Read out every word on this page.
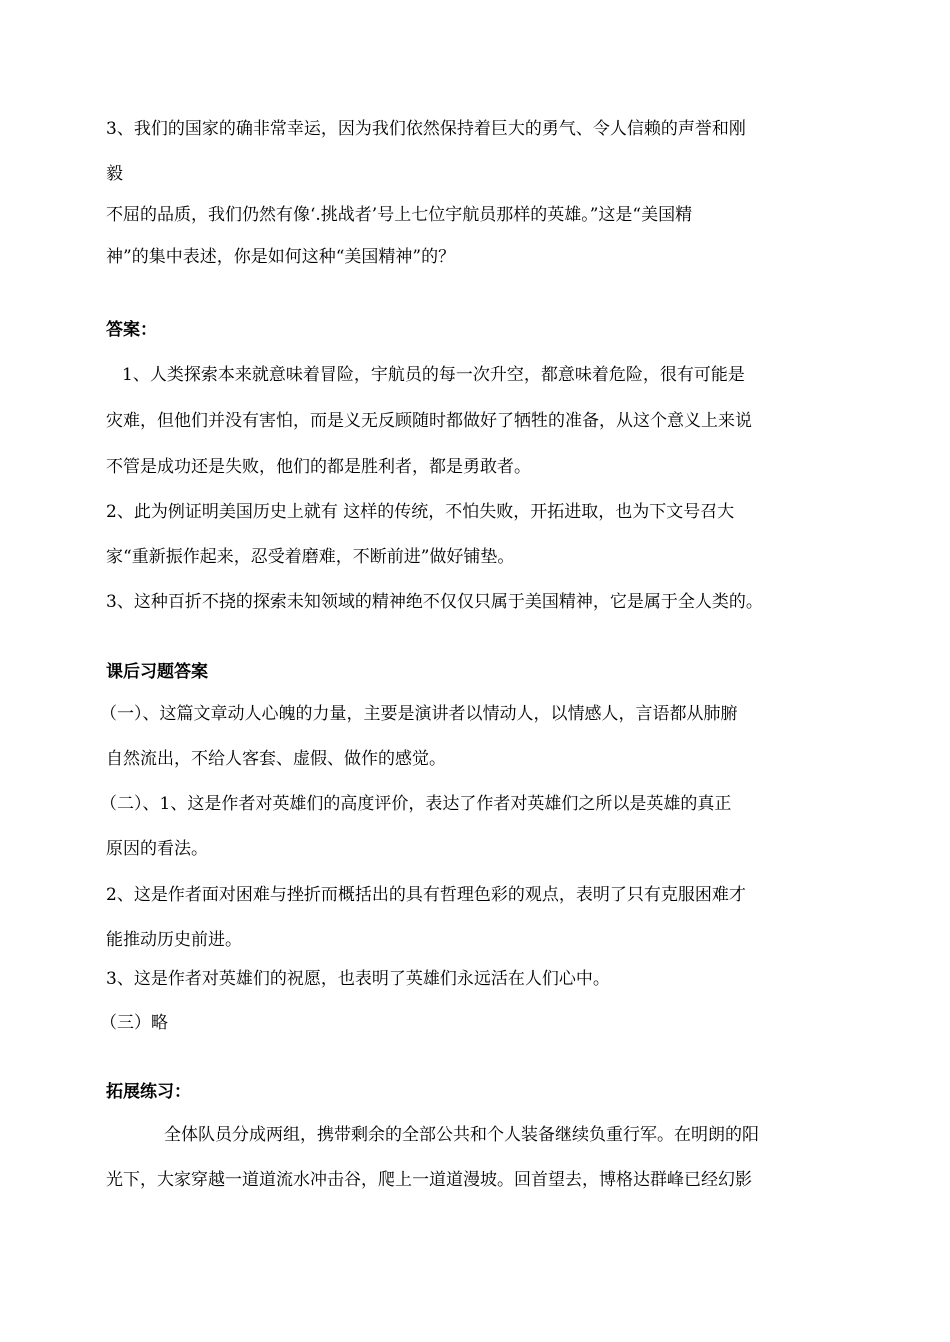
3、我们的国家的确非常幸运，因为我们依然保持着巨大的勇气、令人信赖的声誉和刚
毅
不屈的品质，我们仍然有像‘.挑战者’号上七位宇航员那样的英雄。”这是“美国精
神”的集中表述，你是如何这种“美国精神”的？
答案：
1、人类探索本来就意味着冒险，宇航员的每一次升空，都意味着危险，很有可能是
灾难，但他们并没有害怕，而是义无反顾随时都做好了牺牲的准备，从这个意义上来说
不管是成功还是失败，他们的都是胜利者，都是勇敢者。
2、此为例证明美国历史上就有 这样的传统，不怕失败，开拓进取，也为下文号召大
家“重新振作起来，忍受着磨难，不断前进”做好铺垫。
3、这种百折不挠的探索未知领域的精神绝不仅仅只属于美国精神，它是属于全人类的。
课后习题答案
（一）、这篇文章动人心魄的力量，主要是演讲者以情动人，以情感人，言语都从肺腑
自然流出，不给人客套、虚假、做作的感觉。
（二）、1、这是作者对英雄们的高度评价，表达了作者对英雄们之所以是英雄的真正
原因的看法。
2、这是作者面对困难与挫折而概括出的具有哲理色彩的观点，表明了只有克服困难才
能推动历史前进。
3、这是作者对英雄们的祝愿，也表明了英雄们永远活在人们心中。
（三）略
拓展练习：
全体队员分成两组，携带剩余的全部公共和个人装备继续负重行军。在明朗的阳
光下，大家穿越一道道流水冲击谷，爬上一道道漫坡。回首望去，博格达群峰已经幻影
